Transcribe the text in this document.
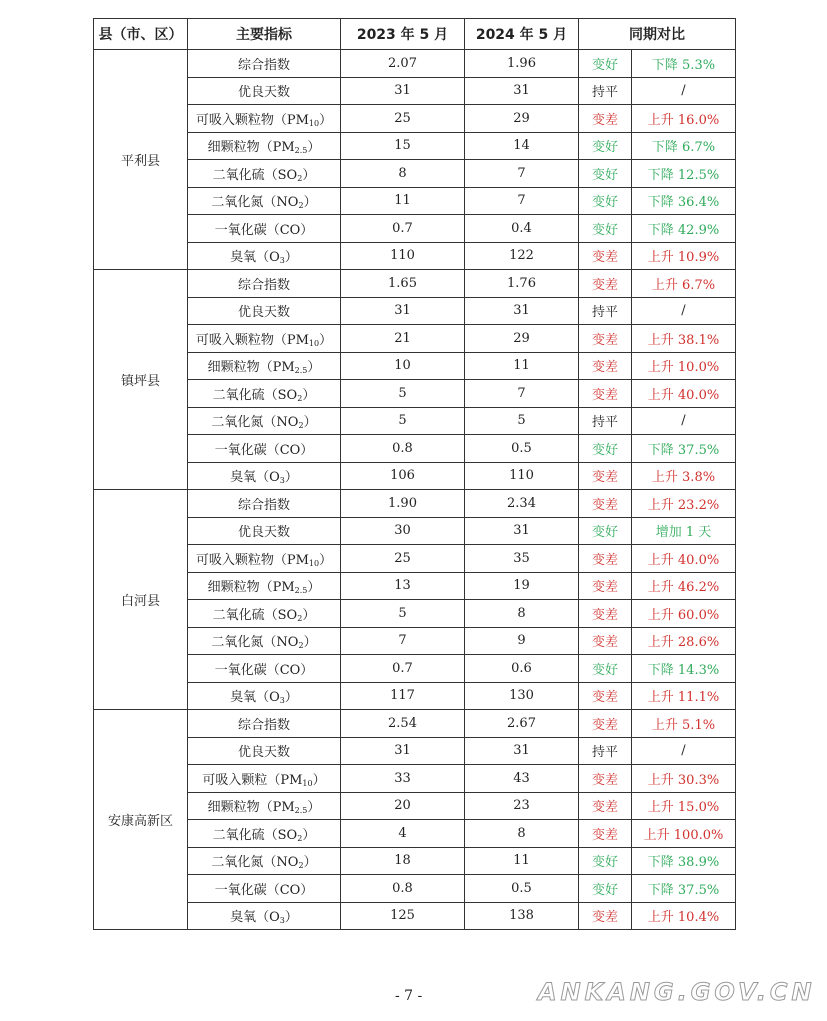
县（市、区）	主要指标	2023 年 5 月	2024 年 5 月	同期对比	
平利县	综合指数	2.07	1.96	变好	下降 5.3%
	优良天数	31	31	持平	/
	可吸入颗粒物$(PM_{10})$	25	29	变差	上升 16.0%
	细颗粒物$(PM_{2.5})$	15	14	变好	下降 6.7%
	二氧化硫$(SO_2)$	8	7	变好	下降 12.5%
	二氧化氮$(NO_2)$	11	7	变好	下降 36.4%
	一氧化碳（CO）	0.7	0.4	变好	下降 42.9%
	臭氧$(O_3)$	110	122	变差	上升 10.9%
镇坪县	综合指数	1.65	1.76	变差	上升 6.7%
	优良天数	31	31	持平	/
	可吸入颗粒物$(PM_{10})$	21	29	变差	上升 38.1%
	细颗粒物$(PM_{2.5})$	10	11	变差	上升 10.0%
	二氧化硫$(SO_2)$	5	7	变差	上升 40.0%
	二氧化氮$(NO_2)$	5	5	持平	/
	一氧化碳（CO）	0.8	0.5	变好	下降 37.5%
	臭氧$(O_3)$	106	110	变差	上升 3.8%
白河县	综合指数	1.90	2.34	变差	上升 23.2%
	优良天数	30	31	变好	增加 1 天
	可吸入颗粒物$(PM_{10})$	25	35	变差	上升 40.0%
	细颗粒物$(PM_{2.5})$	13	19	变差	上升 46.2%
	二氧化硫$(SO_2)$	5	8	变差	上升 60.0%
	二氧化氮$(NO_2)$	7	9	变差	上升 28.6%
	一氧化碳（CO）	0.7	0.6	变好	下降 14.3%
	臭氧$(O_3)$	117	130	变差	上升 11.1%
安康高新区	综合指数	2.54	2.67	变差	上升 5.1%
	优良天数	31	31	持平	/
	可吸入颗粒$(PM_{10})$	33	43	变差	上升 30.3%
	细颗粒物$(PM_{2.5})$	20	23	变差	上升 15.0%
	二氧化硫$(SO_2)$	4	8	变差	上升 100.0%
	二氧化氮$(NO_2)$	18	11	变好	下降 38.9%
	一氧化碳（CO）	0.8	0.5	变好	下降 37.5%
	臭氧$(O_3)$	125	138	变差	上升 10.4%
- 7 -	ANKANG.GOV.CN
